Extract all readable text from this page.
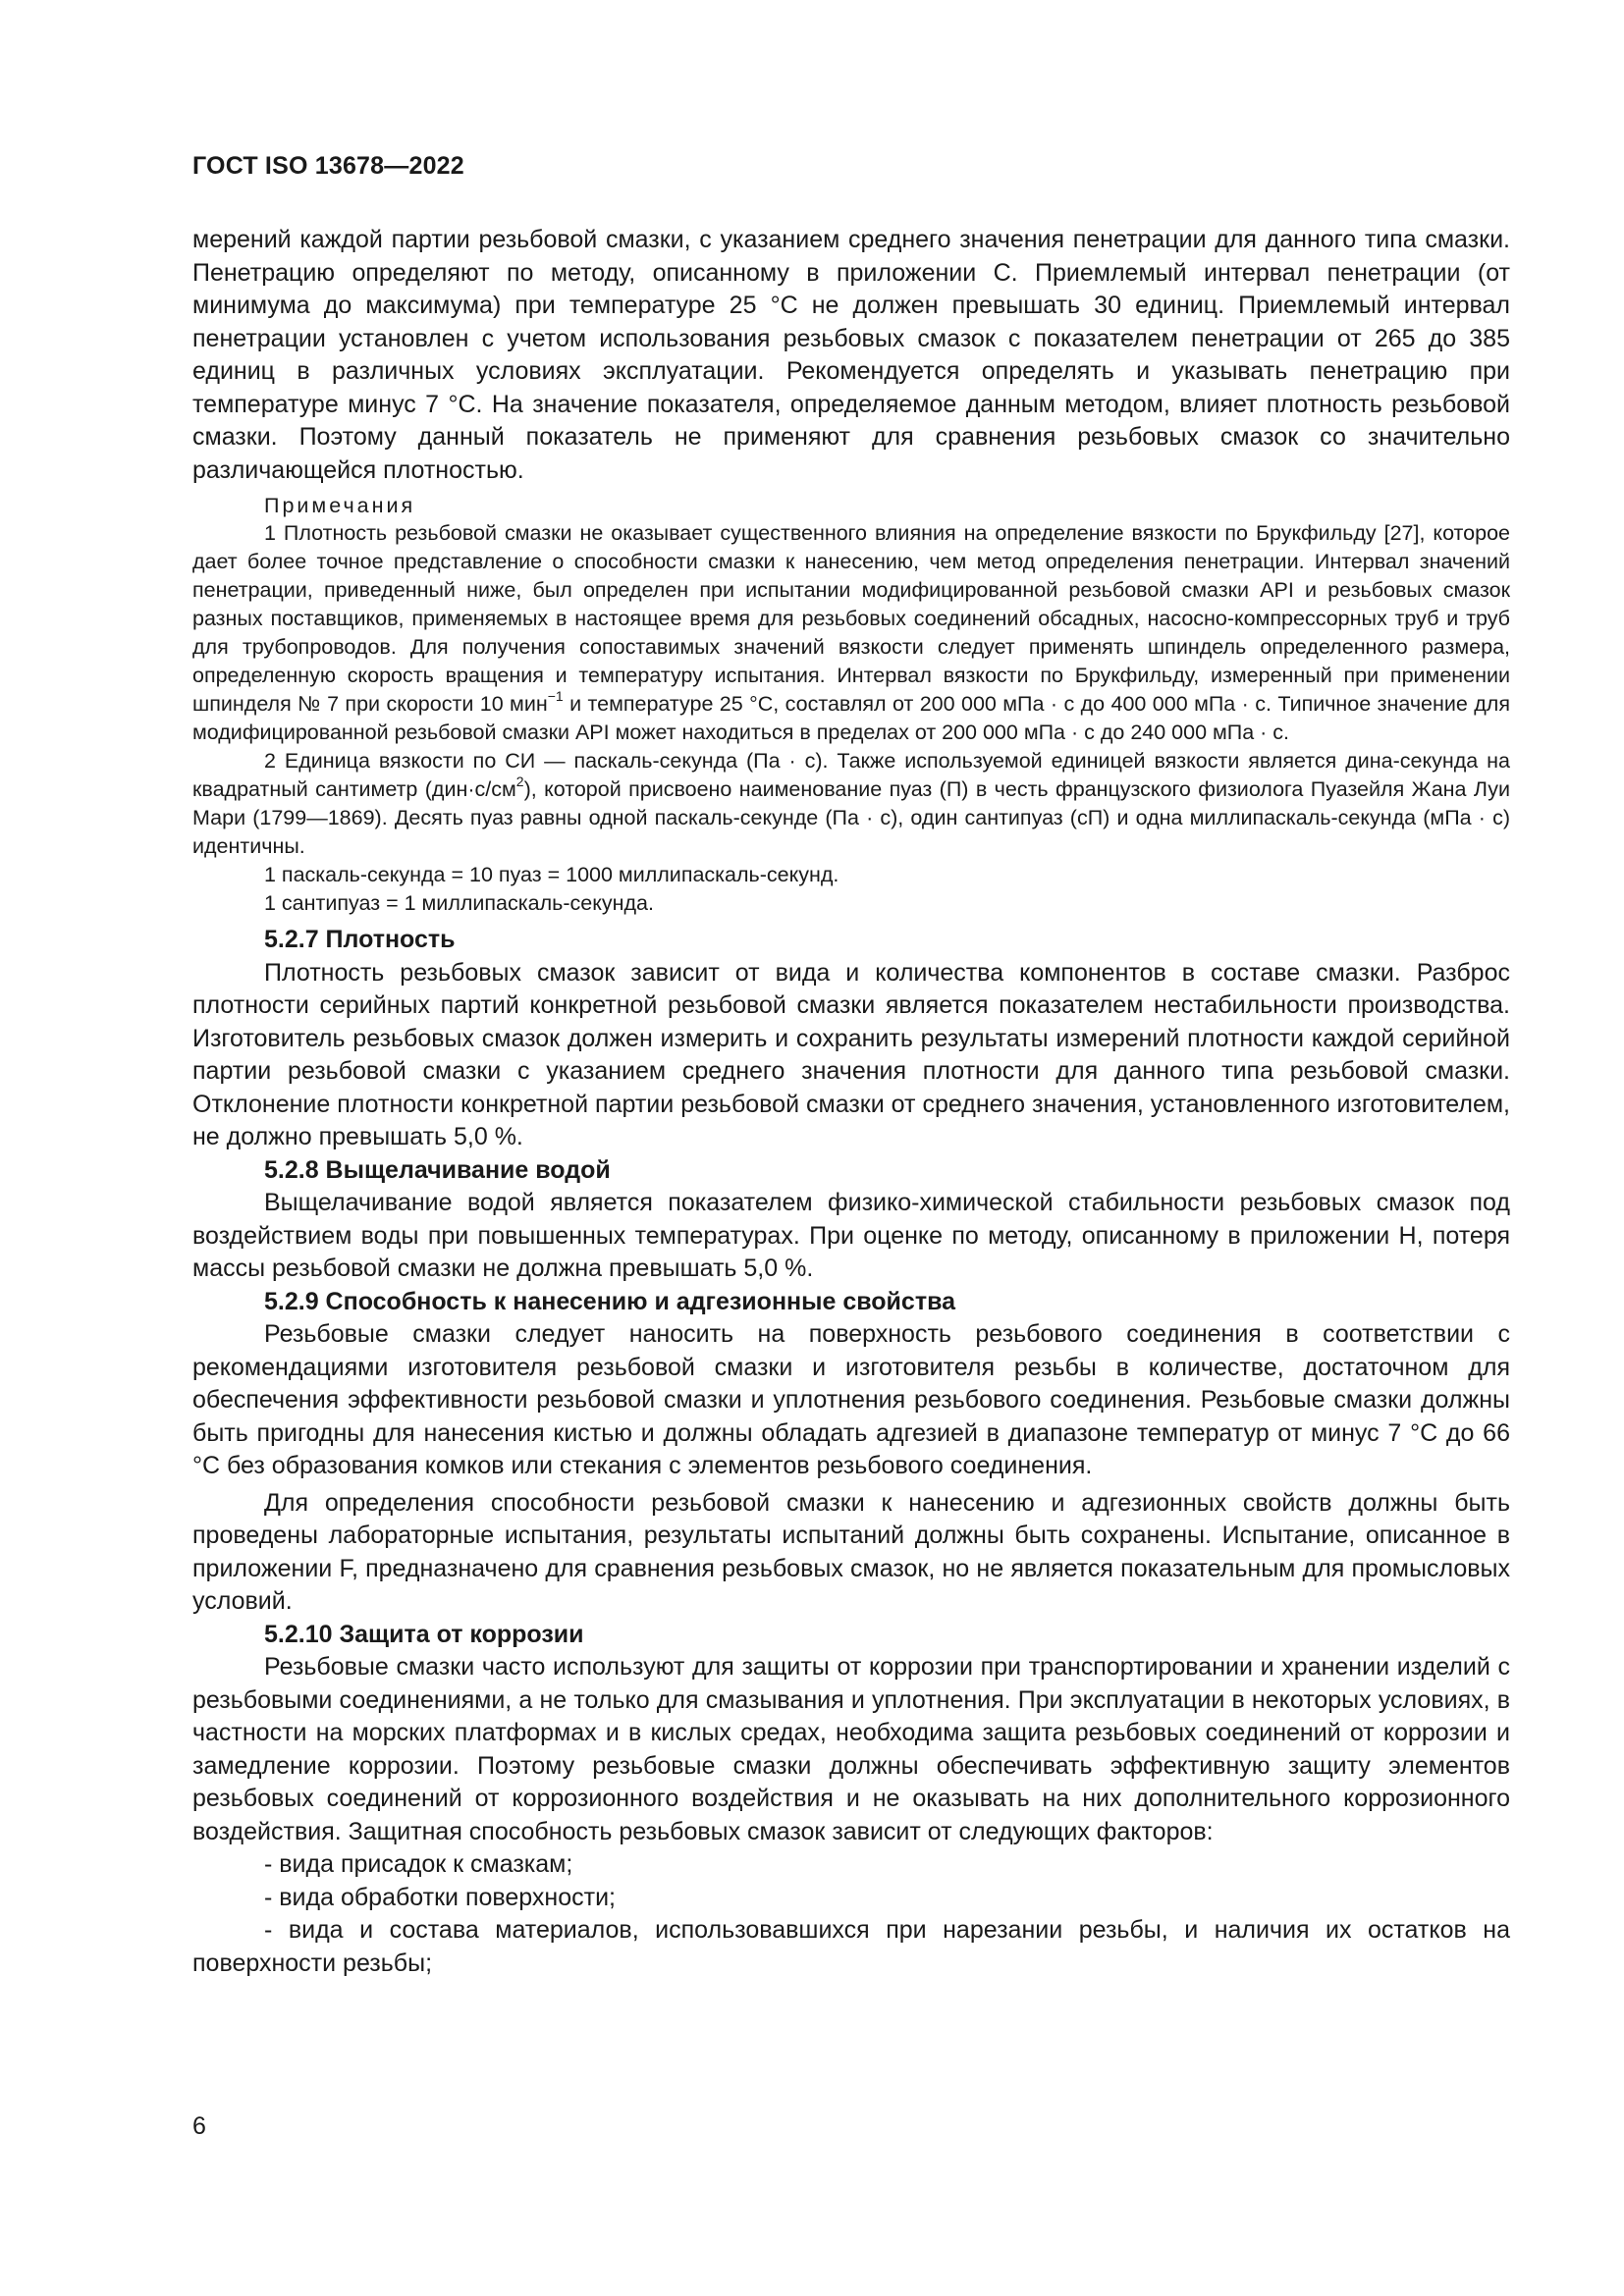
ГОСТ ISO 13678—2022

мерений каждой партии резьбовой смазки, с указанием среднего значения пенетрации для данного типа смазки. Пенетрацию определяют по методу, описанному в приложении С. Приемлемый интервал пенетрации (от минимума до максимума) при температуре 25 °С не должен превышать 30 единиц. Приемлемый интервал пенетрации установлен с учетом использования резьбовых смазок с показателем пенетрации от 265 до 385 единиц в различных условиях эксплуатации. Рекомендуется определять и указывать пенетрацию при температуре минус 7 °С. На значение показателя, определяемое данным методом, влияет плотность резьбовой смазки. Поэтому данный показатель не применяют для сравнения резьбовых смазок со значительно различающейся плотностью.

Примечания

1 Плотность резьбовой смазки не оказывает существенного влияния на определение вязкости по Брукфильду [27], которое дает более точное представление о способности смазки к нанесению, чем метод определения пенетрации. Интервал значений пенетрации, приведенный ниже, был определен при испытании модифицированной резьбовой смазки API и резьбовых смазок разных поставщиков, применяемых в настоящее время для резьбовых соединений обсадных, насосно-компрессорных труб и труб для трубопроводов. Для получения сопоставимых значений вязкости следует применять шпиндель определенного размера, определенную скорость вращения и температуру испытания. Интервал вязкости по Брукфильду, измеренный при применении шпинделя № 7 при скорости 10 мин$^{-1}$ и температуре 25 °С, составлял от 200 000 мПа · с до 400 000 мПа · с. Типичное значение для модифицированной резьбовой смазки API может находиться в пределах от 200 000 мПа · с до 240 000 мПа · с.

2 Единица вязкости по СИ — паскаль-секунда (Па · с). Также используемой единицей вязкости является дина-секунда на квадратный сантиметр $(дин\cdot с/см^2)$, которой присвоено наименование пуаз (П) в честь французского физиолога Пуазейля Жана Луи Мари (1799—1869). Десять пуаз равны одной паскаль-секунде (Па · с), один сантипуаз (сП) и одна миллипаскаль-секунда (мПа · с) идентичны.

1 паскаль-секунда = 10 пуаз = 1000 миллипаскаль-секунд.

1 сантипуаз = 1 миллипаскаль-секунда.

5.2.7 Плотность

Плотность резьбовых смазок зависит от вида и количества компонентов в составе смазки. Разброс плотности серийных партий конкретной резьбовой смазки является показателем нестабильности производства. Изготовитель резьбовых смазок должен измерить и сохранить результаты измерений плотности каждой серийной партии резьбовой смазки с указанием среднего значения плотности для данного типа резьбовой смазки. Отклонение плотности конкретной партии резьбовой смазки от среднего значения, установленного изготовителем, не должно превышать 5,0 %.

5.2.8 Выщелачивание водой

Выщелачивание водой является показателем физико-химической стабильности резьбовых смазок под воздействием воды при повышенных температурах. При оценке по методу, описанному в приложении Н, потеря массы резьбовой смазки не должна превышать 5,0 %.

5.2.9 Способность к нанесению и адгезионные свойства

Резьбовые смазки следует наносить на поверхность резьбового соединения в соответствии с рекомендациями изготовителя резьбовой смазки и изготовителя резьбы в количестве, достаточном для обеспечения эффективности резьбовой смазки и уплотнения резьбового соединения. Резьбовые смазки должны быть пригодны для нанесения кистью и должны обладать адгезией в диапазоне температур от минус 7 °С до 66 °С без образования комков или стекания с элементов резьбового соединения.

Для определения способности резьбовой смазки к нанесению и адгезионных свойств должны быть проведены лабораторные испытания, результаты испытаний должны быть сохранены. Испытание, описанное в приложении F, предназначено для сравнения резьбовых смазок, но не является показательным для промысловых условий.

5.2.10 Защита от коррозии

Резьбовые смазки часто используют для защиты от коррозии при транспортировании и хранении изделий с резьбовыми соединениями, а не только для смазывания и уплотнения. При эксплуатации в некоторых условиях, в частности на морских платформах и в кислых средах, необходима защита резьбовых соединений от коррозии и замедление коррозии. Поэтому резьбовые смазки должны обеспечивать эффективную защиту элементов резьбовых соединений от коррозионного воздействия и не оказывать на них дополнительного коррозионного воздействия. Защитная способность резьбовых смазок зависит от следующих факторов:

- вида присадок к смазкам;

- вида обработки поверхности;

- вида и состава материалов, использовавшихся при нарезании резьбы, и наличия их остатков на поверхности резьбы;

6
